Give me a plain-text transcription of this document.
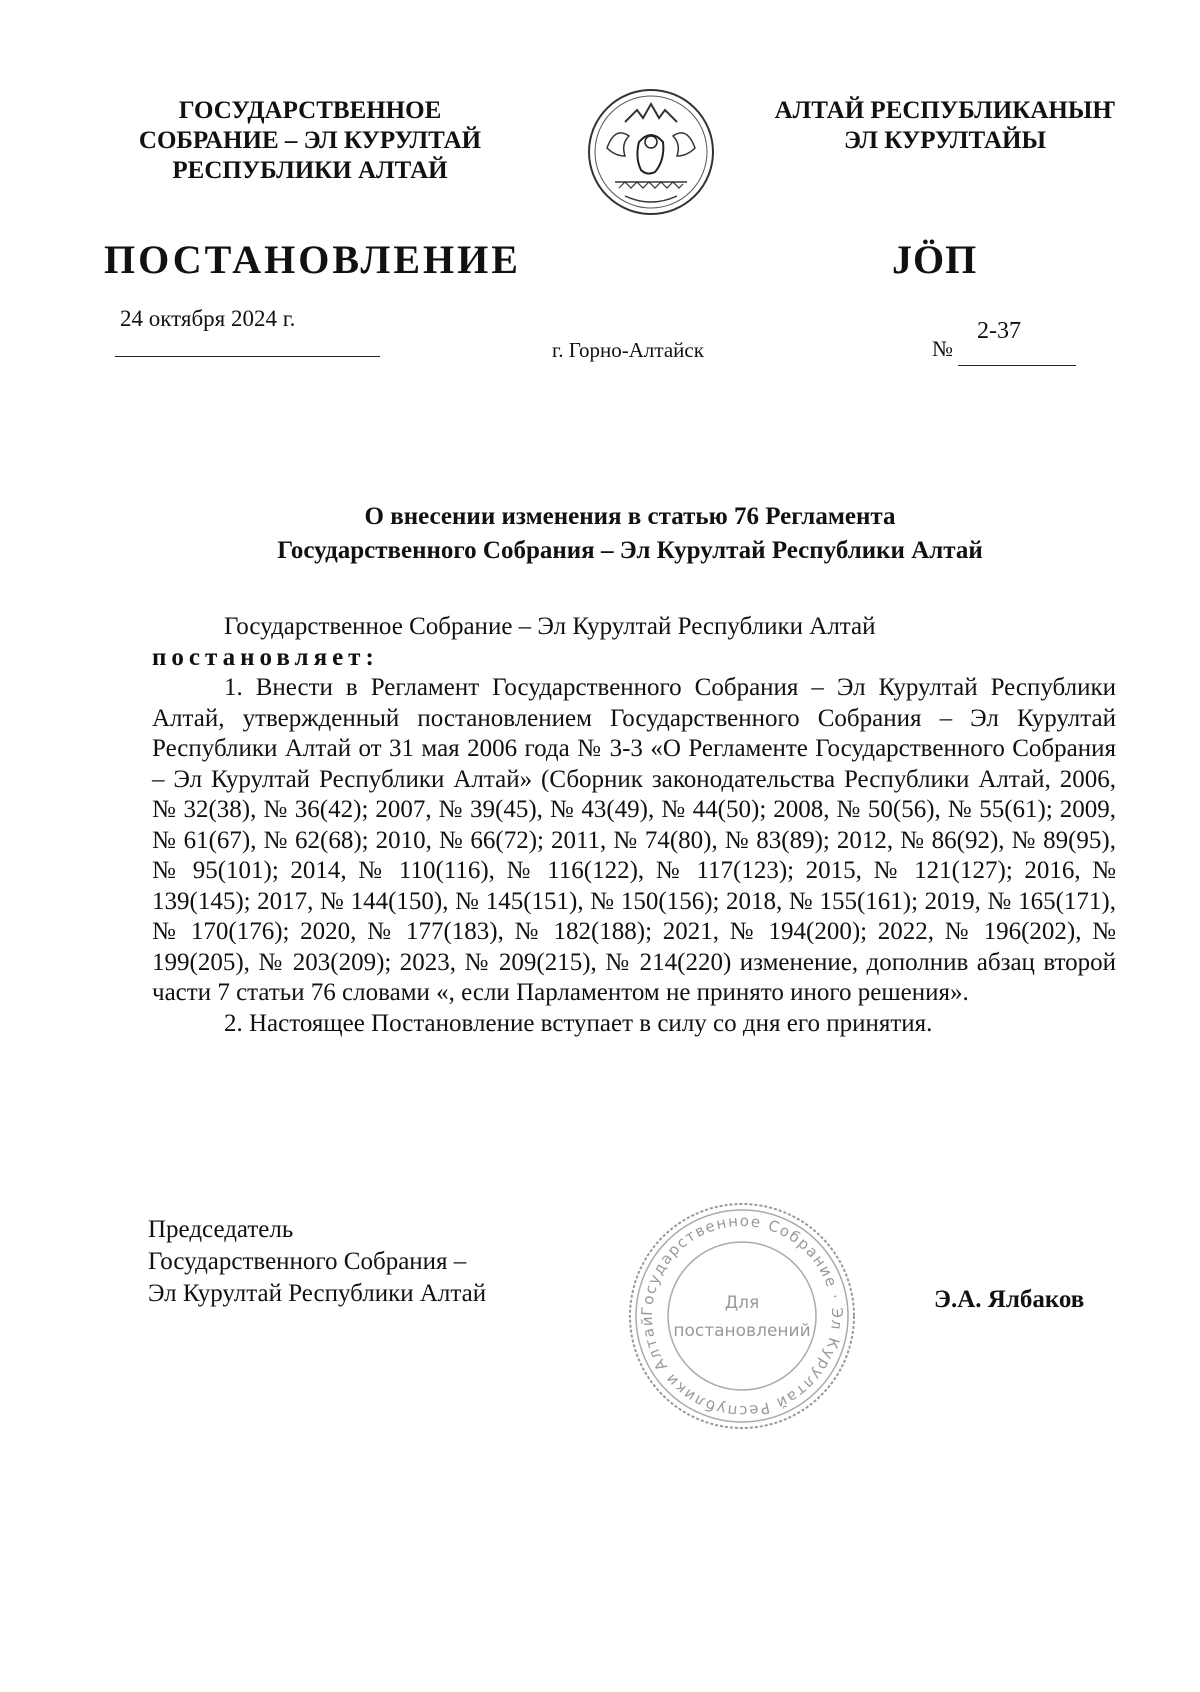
ГОСУДАРСТВЕННОЕ
СОБРАНИЕ – ЭЛ КУРУЛТАЙ
РЕСПУБЛИКИ АЛТАЙ
АЛТАЙ РЕСПУБЛИКАНЫҤ
ЭЛ КУРУЛТАЙЫ
ПОСТАНОВЛЕНИЕ	JÖП
24 октября 2024 г.
г. Горно-Алтайск	№
2-37
О внесении изменения в статью 76 Регламента
Государственного Собрания – Эл Курултай Республики Алтай

Государственное Собрание – Эл Курултай Республики Алтай

постановляет:

1. Внести в Регламент Государственного Собрания – Эл Курултай Республики Алтай, утвержденный постановлением Государственного Собрания – Эл Курултай Республики Алтай от 31 мая 2006 года № 3-3 «О Регламенте Государственного Собрания – Эл Курултай Республики Алтай» (Сборник законодательства Республики Алтай, 2006, № 32(38), № 36(42); 2007, № 39(45), № 43(49), № 44(50); 2008, № 50(56), № 55(61); 2009, № 61(67), № 62(68); 2010, № 66(72); 2011, № 74(80), № 83(89); 2012, № 86(92), № 89(95), № 95(101); 2014, № 110(116), № 116(122), № 117(123); 2015, № 121(127); 2016, № 139(145); 2017, № 144(150), № 145(151), № 150(156); 2018, № 155(161); 2019, № 165(171), № 170(176); 2020, № 177(183), № 182(188); 2021, № 194(200); 2022, № 196(202), № 199(205), № 203(209); 2023, № 209(215), № 214(220) изменение, дополнив абзац второй части 7 статьи 76 словами «, если Парламентом не принято иного решения».

2. Настоящее Постановление вступает в силу со дня его принятия.

Председатель
Государственного Собрания –
Эл Курултай Республики Алтай	Э.А. Ялбаков
Государственное Собрание · Эл Курултай Республики Алтай
Для
постановлений
